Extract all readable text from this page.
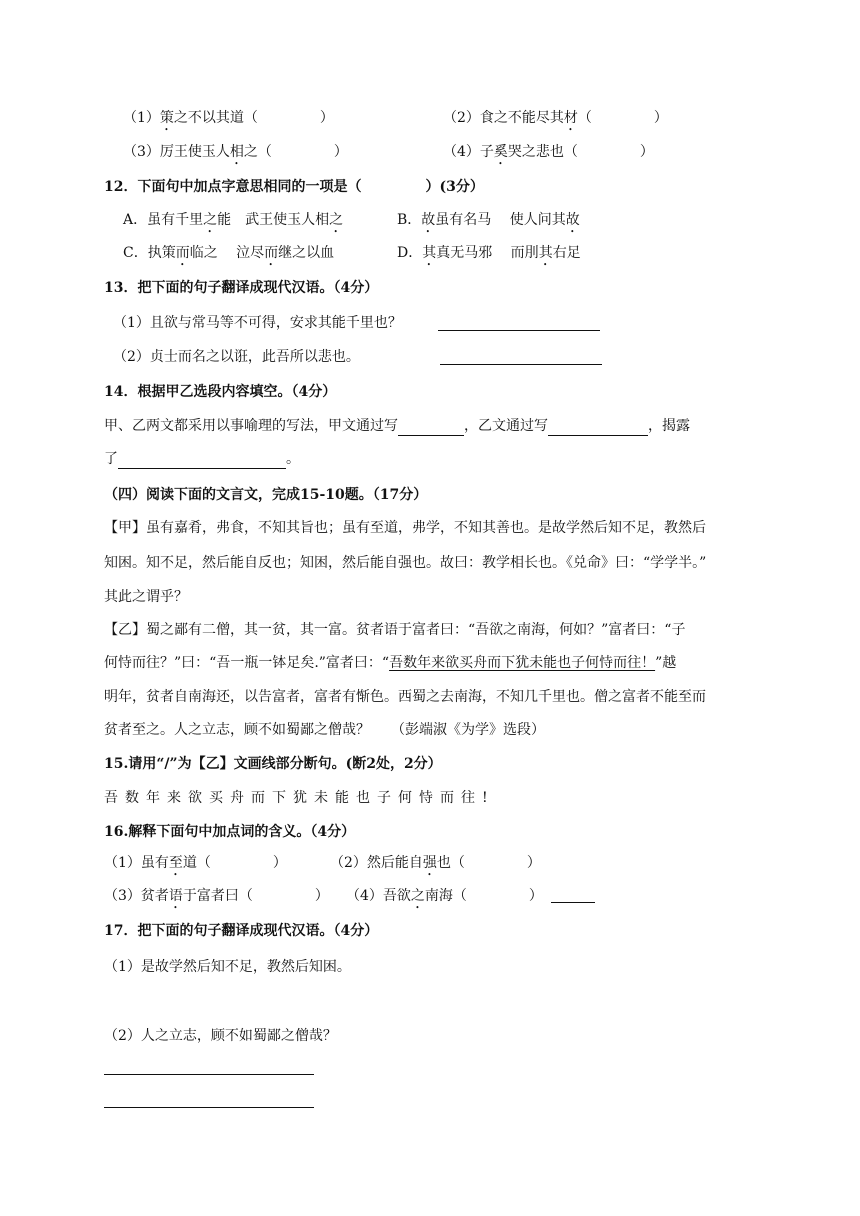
（1）策之不以其道（	）	（2）食之不能尽其材（	）
（3）厉王使玉人相之（	）	（4）子奚哭之悲也（	）
12．下面句中加点字意思相同的一项是（	）(3分）
A．虽有千里之能　武王使玉人相之	B．故虽有名马　 使人问其故
C．执策而临之　 泣尽而继之以血	D．其真无马邪　 而刖其右足
13．把下面的句子翻译成现代汉语。（4分）
（1）且欲与常马等不可得，安求其能千里也？
（2）贞士而名之以诳，此吾所以悲也。
14．根据甲乙选段内容填空。（4分）
甲、乙两文都采用以事喻理的写法，甲文通过写	，乙文通过写	，揭露
了	。
（四）阅读下面的文言文，完成15-10题。（17分）
【甲】虽有嘉肴，弗食，不知其旨也；虽有至道，弗学，不知其善也。是故学然后知不足，教然后
知困。知不足，然后能自反也；知困，然后能自强也。故曰：教学相长也。《兑命》曰：“学学半。”
其此之谓乎？
【乙】蜀之鄙有二僧，其一贫，其一富。贫者语于富者曰：“吾欲之南海，何如？”富者曰：“子
何恃而往？”曰：“吾一瓶一钵足矣.”富者曰：“吾数年来欲买舟而下犹未能也子何恃而往！”越
明年，贫者自南海还，以告富者，富者有惭色。西蜀之去南海，不知几千里也。僧之富者不能至而
贫者至之。人之立志，顾不如蜀鄙之僧哉？　　（彭端淑《为学》选段）
15.请用“/”为【乙】文画线部分断句。(断2处，2分）
吾数年来欲买舟而下犹未能也子何恃而往!
16.解释下面句中加点词的含义。（4分）
（1）虽有至道（	）	（2）然后能自强也（	）
（3）贫者语于富者曰（	） （4）吾欲之南海（	）
17．把下面的句子翻译成现代汉语。（4分）
（1）是故学然后知不足，教然后知困。
（2）人之立志，顾不如蜀鄙之僧哉？
